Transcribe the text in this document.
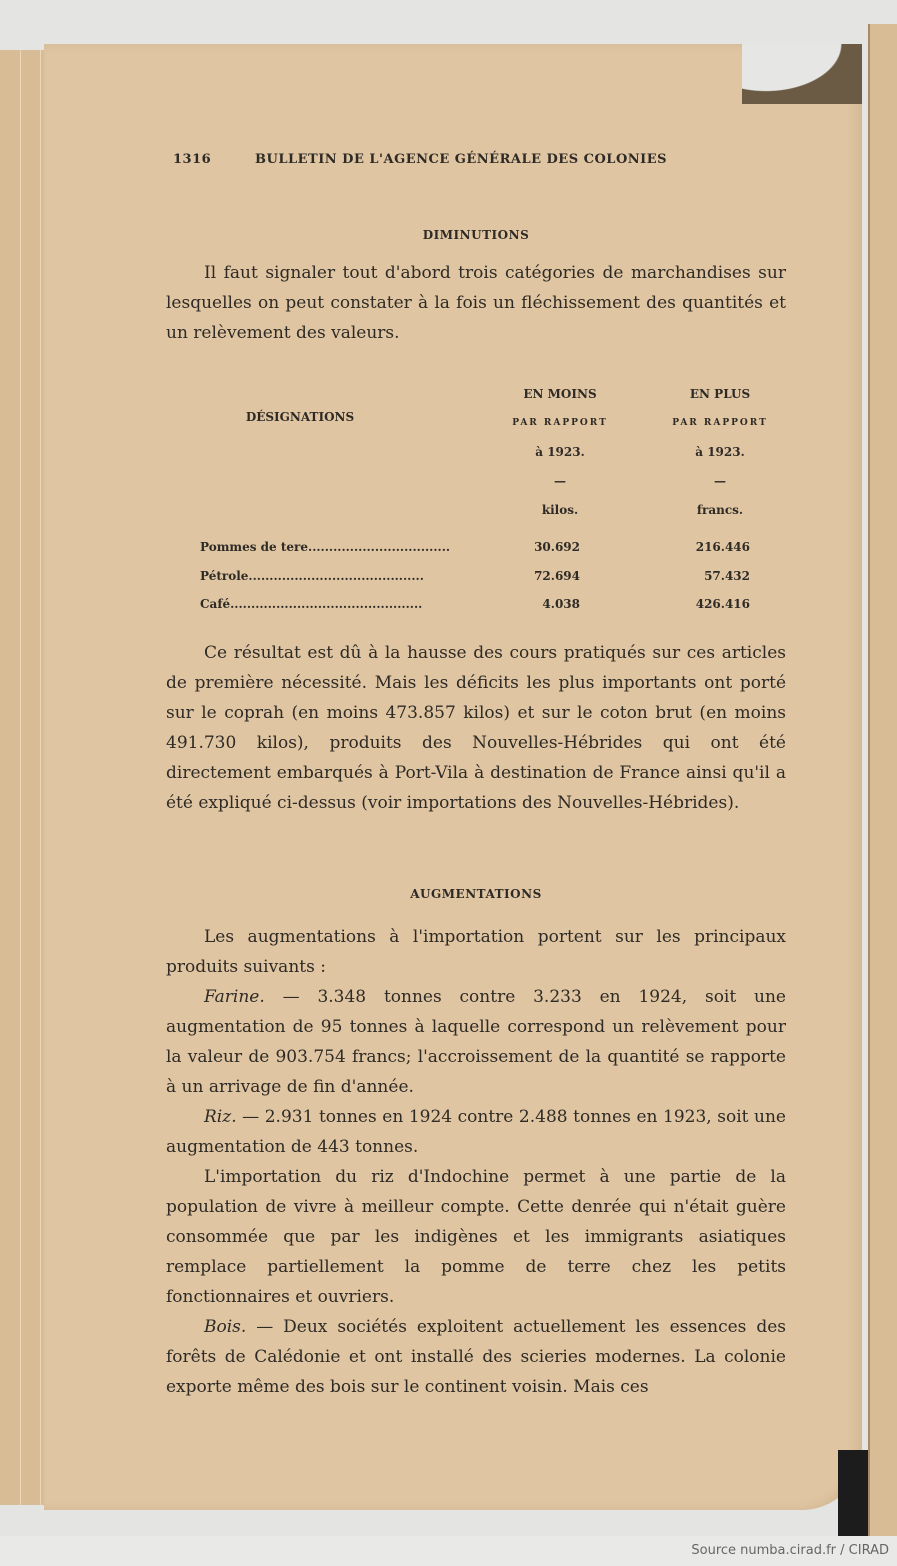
1316	BULLETIN DE L'AGENCE GÉNÉRALE DES COLONIES
DIMINUTIONS

Il faut signaler tout d'abord trois catégories de marchandises sur lesquelles on peut constater à la fois un fléchissement des quantités et un relèvement des valeurs.

DÉSIGNATIONS
EN MOINS
PAR RAPPORT
à 1923.
—
kilos.
EN PLUS
PAR RAPPORT
à 1923.
—
francs.
Pommes de tere..................................	30.692	216.446
Pétrole..........................................	72.694	57.432
Café..............................................	4.038	426.416

Ce résultat est dû à la hausse des cours pratiqués sur ces articles de première nécessité. Mais les déficits les plus importants ont porté sur le coprah (en moins 473.857 kilos) et sur le coton brut (en moins 491.730 kilos), produits des Nouvelles-Hébrides qui ont été directement embarqués à Port-Vila à destination de France ainsi qu'il a été expliqué ci-dessus (voir importations des Nouvelles-Hébrides).

AUGMENTATIONS

Les augmentations à l'importation portent sur les principaux produits suivants :

Farine. — 3.348 tonnes contre 3.233 en 1924, soit une augmentation de 95 tonnes à laquelle correspond un relèvement pour la valeur de 903.754 francs; l'accroissement de la quantité se rapporte à un arrivage de fin d'année.

Riz. — 2.931 tonnes en 1924 contre 2.488 tonnes en 1923, soit une augmentation de 443 tonnes.

L'importation du riz d'Indochine permet à une partie de la population de vivre à meilleur compte. Cette denrée qui n'était guère consommée que par les indigènes et les immigrants asiatiques remplace partiellement la pomme de terre chez les petits fonctionnaires et ouvriers.

Bois. — Deux sociétés exploitent actuellement les essences des forêts de Calédonie et ont installé des scieries modernes. La colonie exporte même des bois sur le continent voisin. Mais ces

Source numba.cirad.fr / CIRAD
